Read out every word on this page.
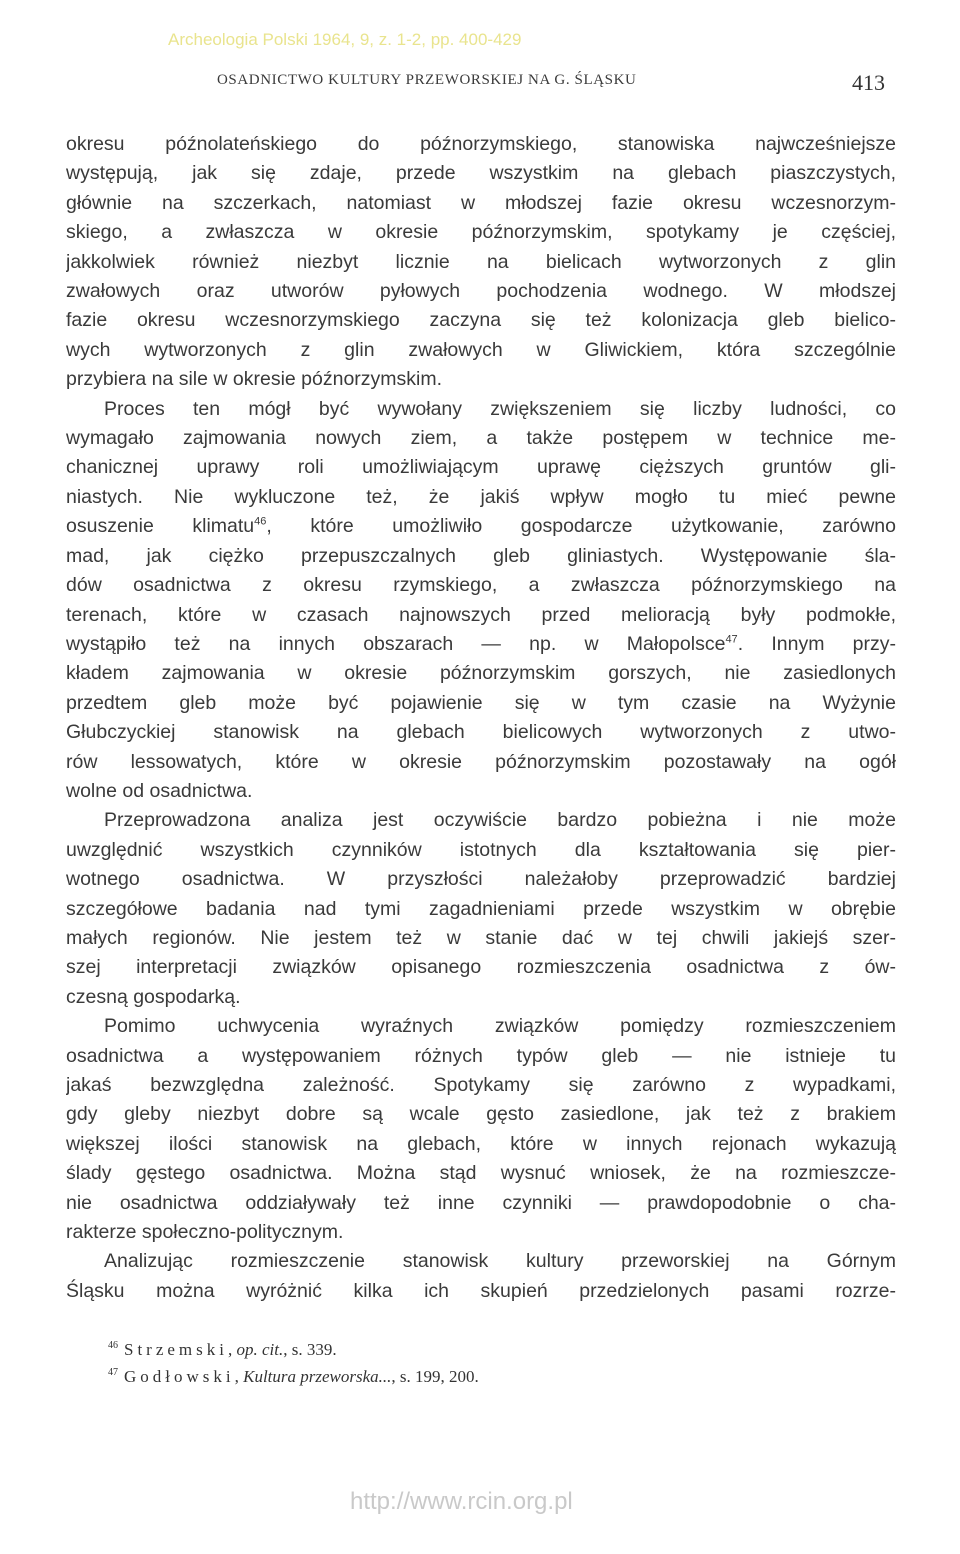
Archeologia Polski 1964, 9, z. 1-2, pp. 400-429
OSADNICTWO KULTURY PRZEWORSKIEJ NA G. ŚLĄSKU	413
okresu późnolateńskiego do późnorzymskiego, stanowiska najwcześniejsze
występują, jak się zdaje, przede wszystkim na glebach piaszczystych,
głównie na szczerkach, natomiast w młodszej fazie okresu wczesnorzym-
skiego, a zwłaszcza w okresie późnorzymskim, spotykamy je częściej,
jakkolwiek również niezbyt licznie na bielicach wytworzonych z glin
zwałowych oraz utworów pyłowych pochodzenia wodnego. W młodszej
fazie okresu wczesnorzymskiego zaczyna się też kolonizacja gleb bielico-
wych wytworzonych z glin zwałowych w Gliwickiem, która szczególnie
przybiera na sile w okresie późnorzymskim.
Proces ten mógł być wywołany zwiększeniem się liczby ludności, co
wymagało zajmowania nowych ziem, a także postępem w technice me-
chanicznej uprawy roli umożliwiającym uprawę cięższych gruntów gli-
niastych. Nie wykluczone też, że jakiś wpływ mogło tu mieć pewne
osuszenie klimatu$^{46}$, które umożliwiło gospodarcze użytkowanie, zarówno
mad, jak ciężko przepuszczalnych gleb gliniastych. Występowanie śla-
dów osadnictwa z okresu rzymskiego, a zwłaszcza późnorzymskiego na
terenach, które w czasach najnowszych przed melioracją były podmokłe,
wystąpiło też na innych obszarach — np. w Małopolsce$^{47}$. Innym przy-
kładem zajmowania w okresie późnorzymskim gorszych, nie zasiedlonych
przedtem gleb może być pojawienie się w tym czasie na Wyżynie
Głubczyckiej stanowisk na glebach bielicowych wytworzonych z utwo-
rów lessowatych, które w okresie późnorzymskim pozostawały na ogół
wolne od osadnictwa.
Przeprowadzona analiza jest oczywiście bardzo pobieżna i nie może
uwzględnić wszystkich czynników istotnych dla kształtowania się pier-
wotnego osadnictwa. W przyszłości należałoby przeprowadzić bardziej
szczegółowe badania nad tymi zagadnieniami przede wszystkim w obrębie
małych regionów. Nie jestem też w stanie dać w tej chwili jakiejś szer-
szej interpretacji związków opisanego rozmieszczenia osadnictwa z ów-
czesną gospodarką.
Pomimo uchwycenia wyraźnych związków pomiędzy rozmieszczeniem
osadnictwa a występowaniem różnych typów gleb — nie istnieje tu
jakaś bezwzględna zależność. Spotykamy się zarówno z wypadkami,
gdy gleby niezbyt dobre są wcale gęsto zasiedlone, jak też z brakiem
większej ilości stanowisk na glebach, które w innych rejonach wykazują
ślady gęstego osadnictwa. Można stąd wysnuć wniosek, że na rozmieszcze-
nie osadnictwa oddziaływały też inne czynniki — prawdopodobnie o cha-
rakterze społeczno-politycznym.
Analizując rozmieszczenie stanowisk kultury przeworskiej na Górnym
Śląsku można wyróżnić kilka ich skupień przedzielonych pasami rozrze-
$^{46}$ Strzemski, op. cit., s. 339.
$^{47}$ Godłowski, Kultura przeworska..., s. 199, 200.
http://www.rcin.org.pl
